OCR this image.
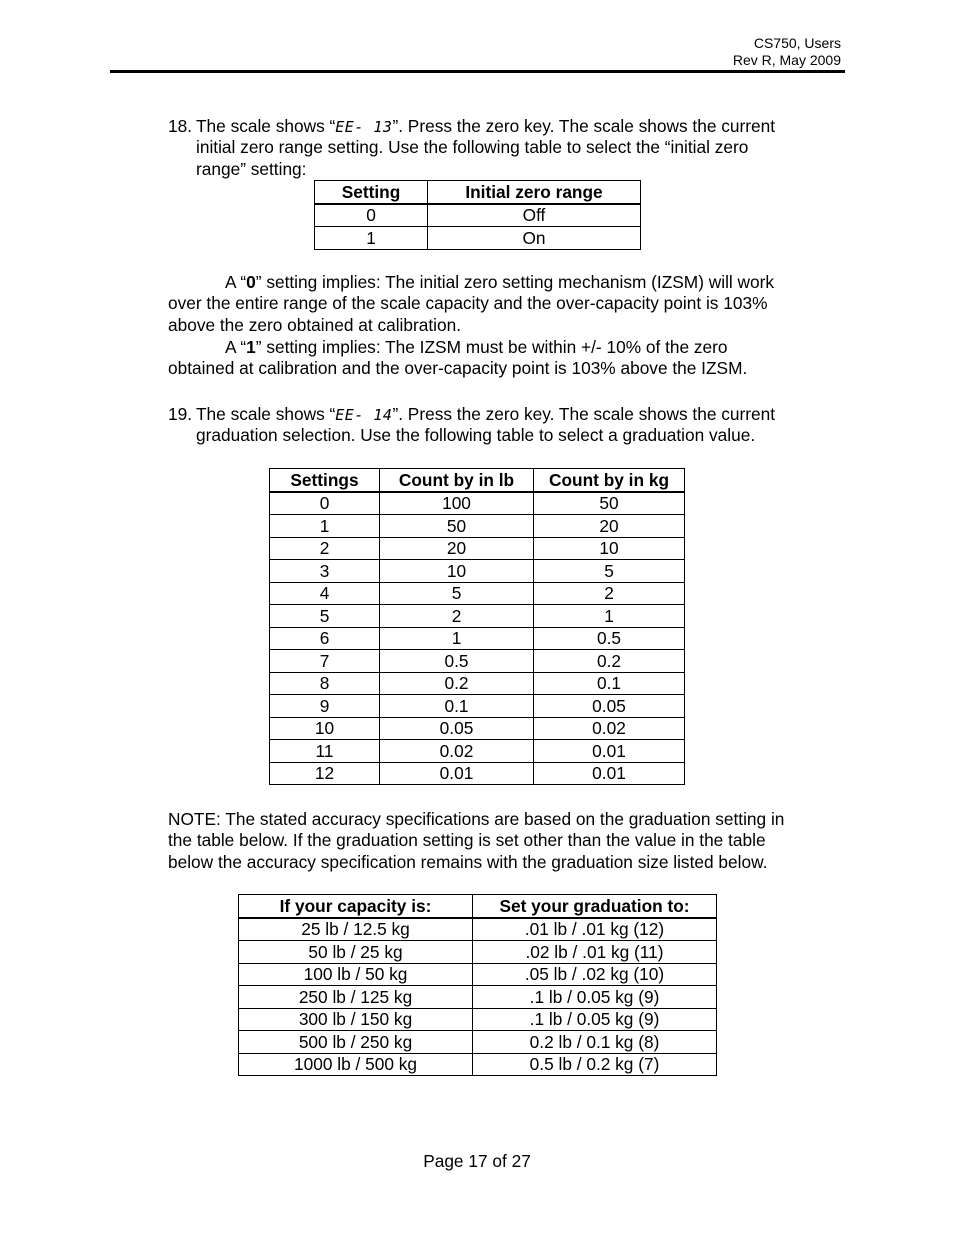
CS750, Users
Rev R, May 2009
18. The scale shows “EE- 13”. Press the zero key. The scale shows the current
initial zero range setting. Use the following table to select the “initial zero
range” setting:
Setting	Initial zero range
0	Off
1	On
A “0” setting implies: The initial zero setting mechanism (IZSM) will work
over the entire range of the scale capacity and the over-capacity point is 103%
above the zero obtained at calibration.
A “1” setting implies: The IZSM must be within +/- 10% of the zero
obtained at calibration and the over-capacity point is 103% above the IZSM.
19. The scale shows “EE- 14”. Press the zero key. The scale shows the current
graduation selection. Use the following table to select a graduation value.
Settings	Count by in lb	Count by in kg
0	100	50
1	50	20
2	20	10
3	10	5
4	5	2
5	2	1
6	1	0.5
7	0.5	0.2
8	0.2	0.1
9	0.1	0.05
10	0.05	0.02
11	0.02	0.01
12	0.01	0.01
NOTE: The stated accuracy specifications are based on the graduation setting in
the table below. If the graduation setting is set other than the value in the table
below the accuracy specification remains with the graduation size listed below.
If your capacity is:	Set your graduation to:
25 lb / 12.5 kg	.01 lb / .01 kg (12)
50 lb / 25 kg	.02 lb / .01 kg (11)
100 lb / 50 kg	.05 lb / .02 kg (10)
250 lb / 125 kg	.1 lb / 0.05 kg (9)
300 lb / 150 kg	.1 lb / 0.05 kg (9)
500 lb / 250 kg	0.2 lb / 0.1 kg (8)
1000 lb / 500 kg	0.5 lb / 0.2 kg (7)
Page 17 of 27
